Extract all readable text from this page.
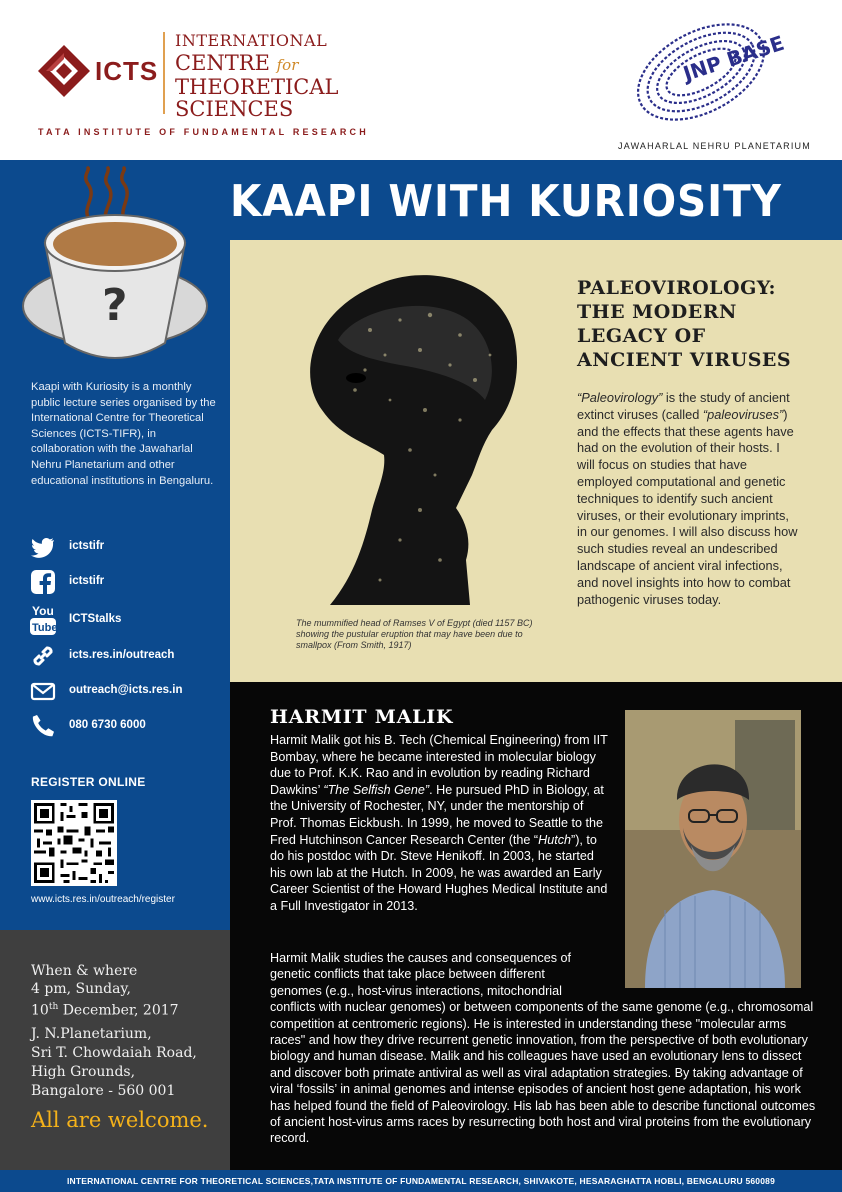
ICTS
INTERNATIONAL
CENTRE for
THEORETICAL
SCIENCES
TATA INSTITUTE OF FUNDAMENTAL RESEARCH
JNP BASE
JAWAHARLAL NEHRU PLANETARIUM
?
Kaapi with Kuriosity is a monthly public lecture series organised by the International Centre for Theoretical Sciences (ICTS-TIFR), in collaboration with the Jawaharlal Nehru Planetarium and other educational institutions in Bengaluru.
ictstifr
ictstifr
You
Tube
ICTStalks
icts.res.in/outreach
outreach@icts.res.in
080 6730 6000
REGISTER ONLINE
www.icts.res.in/outreach/register
When & where
4 pm, Sunday,
10th December, 2017
J. N.Planetarium,
Sri T. Chowdaiah Road,
High Grounds,
Bangalore - 560 001
All are welcome.
KAAPI WITH KURIOSITY
The mummified head of Ramses V of Egypt (died 1157 BC) showing the pustular eruption that may have been due to smallpox (From Smith, 1917)
PALEOVIROLOGY: THE MODERN LEGACY OF ANCIENT VIRUSES
“Paleovirology” is the study of ancient extinct viruses (called “paleoviruses”) and the effects that these agents have had on the evolution of their hosts. I will focus on studies that have employed computational and genetic techniques to identify such ancient viruses, or their evolutionary imprints, in our genomes. I will also discuss how such studies reveal an undescribed landscape of ancient viral infections, and novel insights into how to combat pathogenic viruses today.
HARMIT MALIK
Harmit Malik got his B. Tech (Chemical Engineering) from IIT Bombay, where he became interested in molecular biology due to Prof. K.K. Rao and in evolution by reading Richard Dawkins’ “The Selfish Gene”. He pursued PhD in Biology, at the University of Rochester, NY, under the mentorship of Prof. Thomas Eickbush. In 1999, he moved to Seattle to the Fred Hutchinson Cancer Research Center (the “Hutch”), to do his postdoc with Dr. Steve Henikoff. In 2003, he started his own lab at the Hutch. In 2009, he was awarded an Early Career Scientist of the Howard Hughes Medical Institute and a Full Investigator in 2013.
Harmit Malik studies the causes and consequences of genetic conflicts that take place between different genomes (e.g., host-virus interactions, mitochondrial
conflicts with nuclear genomes) or between components of the same genome (e.g., chromosomal competition at centromeric regions). He is interested in understanding these "molecular arms races" and how they drive recurrent genetic innovation, from the perspective of both evolutionary biology and human disease. Malik and his colleagues have used an evolutionary lens to dissect and discover both primate antiviral as well as viral adaptation strategies. By taking advantage of viral ‘fossils’ in animal genomes and intense episodes of ancient host gene adaptation, his work has helped found the field of Paleovirology. His lab has been able to describe functional outcomes of ancient host-virus arms races by resurrecting both host and viral proteins from the evolutionary record.
INTERNATIONAL CENTRE FOR THEORETICAL SCIENCES,TATA INSTITUTE OF FUNDAMENTAL RESEARCH, SHIVAKOTE, HESARAGHATTA HOBLI, BENGALURU 560089
